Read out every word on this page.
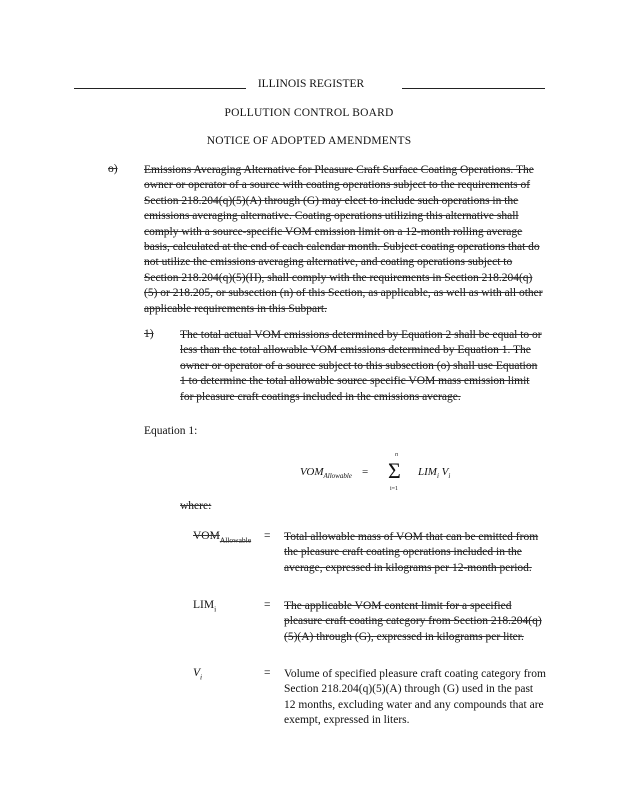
ILLINOIS REGISTER
POLLUTION CONTROL BOARD
NOTICE OF ADOPTED AMENDMENTS
o) Emissions Averaging Alternative for Pleasure Craft Surface Coating Operations. The owner or operator of a source with coating operations subject to the requirements of Section 218.204(q)(5)(A) through (G) may elect to include such operations in the emissions averaging alternative. Coating operations utilizing this alternative shall comply with a source-specific VOM emission limit on a 12-month rolling average basis, calculated at the end of each calendar month. Subject coating operations that do not utilize the emissions averaging alternative, and coating operations subject to Section 218.204(q)(5)(H), shall comply with the requirements in Section 218.204(q)(5) or 218.205, or subsection (n) of this Section, as applicable, as well as with all other applicable requirements in this Subpart.
1) The total actual VOM emissions determined by Equation 2 shall be equal to or less than the total allowable VOM emissions determined by Equation 1. The owner or operator of a source subject to this subsection (o) shall use Equation 1 to determine the total allowable source specific VOM mass emission limit for pleasure craft coatings included in the emissions average.
Equation 1:
$VOM_{Allowable}$ =
n
Σ
i=1
$LIM_i$ $V_i$
where:
$VOM_{Allowable}$ = Total allowable mass of VOM that can be emitted from the pleasure craft coating operations included in the average, expressed in kilograms per 12-month period.
$LIM_i$	= The applicable VOM content limit for a specified pleasure craft coating category from Section 218.204(q)(5)(A) through (G), expressed in kilograms per liter.
$V_i$	= Volume of specified pleasure craft coating category from Section 218.204(q)(5)(A) through (G) used in the past 12 months, excluding water and any compounds that are exempt, expressed in liters.
